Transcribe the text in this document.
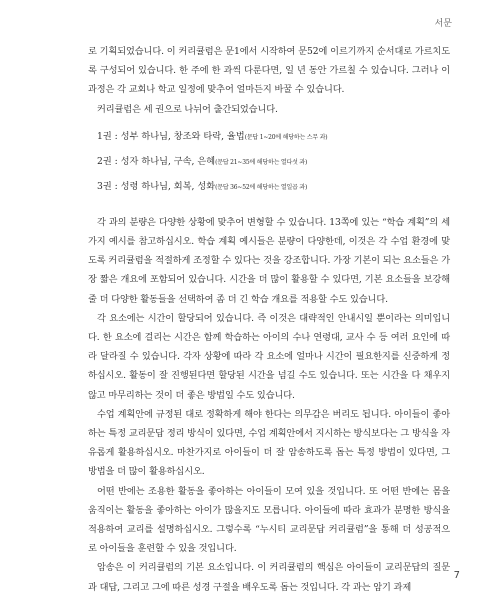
서문

로 기획되었습니다. 이 커리큘럼은 문1에서 시작하여 문52에 이르기까지 순서대로 가르치도록 구성되어 있습니다. 한 주에 한 과씩 다룬다면, 일 년 동안 가르칠 수 있습니다. 그러나 이 과정은 각 교회나 학교 일정에 맞추어 얼마든지 바꿀 수 있습니다.

커리큘럼은 세 권으로 나뉘어 출간되었습니다.

1권 : 성부 하나님, 창조와 타락, 율법(문답 1~20에 해당하는 스무 과)
2권 : 성자 하나님, 구속, 은혜(문답 21~35에 해당하는 열다섯 과)
3권 : 성령 하나님, 회복, 성화(문답 36~52에 해당하는 열일곱 과)

각 과의 분량은 다양한 상황에 맞추어 변형할 수 있습니다. 13쪽에 있는 “학습 계획”의 세 가지 예시를 참고하십시오. 학습 계획 예시들은 분량이 다양한데, 이것은 각 수업 환경에 맞도록 커리큘럼을 적절하게 조정할 수 있다는 것을 강조합니다. 가장 기본이 되는 요소들은 가장 짧은 개요에 포함되어 있습니다. 시간을 더 많이 활용할 수 있다면, 기본 요소들을 보강해 줄 더 다양한 활동들을 선택하여 좀 더 긴 학습 개요를 적용할 수도 있습니다.

각 요소에는 시간이 할당되어 있습니다. 즉 이것은 대략적인 안내시일 뿐이라는 의미입니다. 한 요소에 걸리는 시간은 함께 학습하는 아이의 수나 연령대, 교사 수 등 여러 요인에 따라 달라질 수 있습니다. 각자 상황에 따라 각 요소에 얼마나 시간이 필요한지를 신중하게 정하십시오. 활동이 잘 진행된다면 할당된 시간을 넘길 수도 있습니다. 또는 시간을 다 채우지 않고 마무리하는 것이 더 좋은 방법일 수도 있습니다.

수업 계획안에 규정된 대로 정확하게 해야 한다는 의무감은 버리도 됩니다. 아이들이 좋아하는 특정 교리문답 정리 방식이 있다면, 수업 계획안에서 지시하는 방식보다는 그 방식을 자유롭게 활용하십시오. 마찬가지로 아이들이 더 잘 암송하도록 돕는 특정 방법이 있다면, 그 방법을 더 많이 활용하십시오.

어떤 반에는 조용한 활동을 좋아하는 아이들이 모여 있을 것입니다. 또 어떤 반에는 몸을 움직이는 활동을 좋아하는 아이가 많을지도 모릅니다. 아이들에 따라 효과가 분명한 방식을 적용하여 교리를 설명하십시오. 그렇수록 “누시티 교리문답 커리큘럼”을 통해 더 성공적으로 아이들을 훈련할 수 있을 것입니다.

암송은 이 커리큘럼의 기본 요소입니다. 이 커리큘럼의 핵심은 아이들이 교리문답의 질문과 대답, 그리고 그에 따른 성경 구절을 배우도록 돕는 것입니다. 각 과는 암기 과제

7
